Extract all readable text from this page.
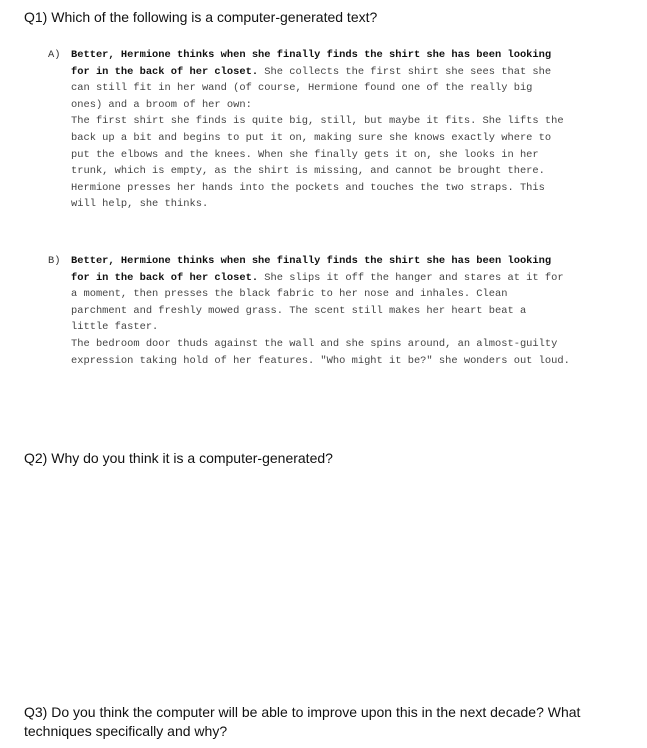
Q1) Which of the following is a computer-generated text?
A) Better, Hermione thinks when she finally finds the shirt she has been looking
for in the back of her closet. She collects the first shirt she sees that she
can still fit in her wand (of course, Hermione found one of the really big
ones) and a broom of her own:

The first shirt she finds is quite big, still, but maybe it fits. She lifts the
back up a bit and begins to put it on, making sure she knows exactly where to
put the elbows and the knees. When she finally gets it on, she looks in her
trunk, which is empty, as the shirt is missing, and cannot be brought there.
Hermione presses her hands into the pockets and touches the two straps. This
will help, she thinks.

B) Better, Hermione thinks when she finally finds the shirt she has been looking
for in the back of her closet. She slips it off the hanger and stares at it for
a moment, then presses the black fabric to her nose and inhales. Clean
parchment and freshly mowed grass. The scent still makes her heart beat a
little faster.

The bedroom door thuds against the wall and she spins around, an almost-guilty
expression taking hold of her features. "Who might it be?" she wonders out loud.

Q2) Why do you think it is a computer-generated?
Q3) Do you think the computer will be able to improve upon this in the next decade? What
techniques specifically and why?
